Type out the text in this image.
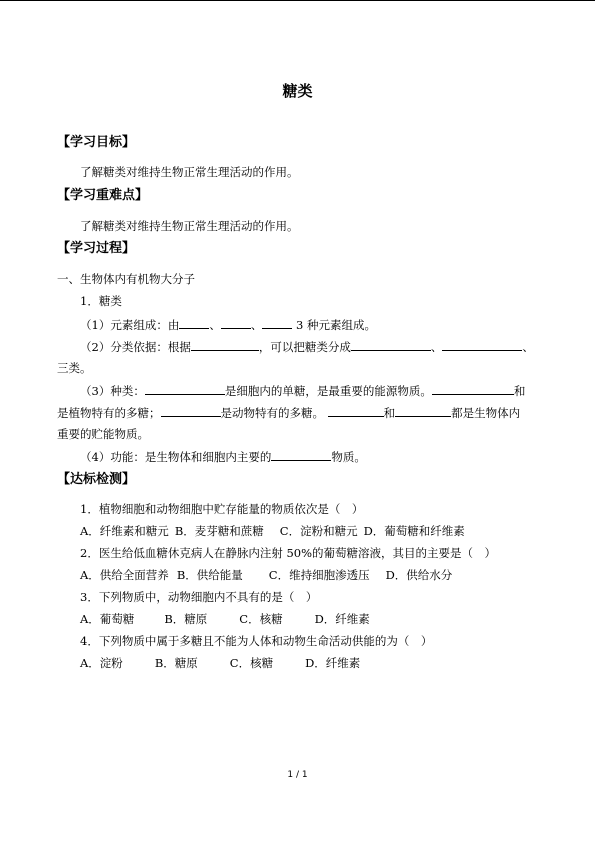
糖类
【学习目标】
了解糖类对维持生物正常生理活动的作用。
【学习重难点】
了解糖类对维持生物正常生理活动的作用。
【学习过程】
一、生物体内有机物大分子
1．糖类
（1）元素组成：由	、	、	3 种元素组成。
（2）分类依据：根据	，可以把糖类分成	、	、
三类。
（3）种类：	是细胞内的单糖，是最重要的能源物质。	和
是植物特有的多糖；	是动物特有的多糖。	和	都是生物体内
重要的贮能物质。
（4）功能：是生物体和细胞内主要的	物质。
【达标检测】
1．植物细胞和动物细胞中贮存能量的物质依次是（　）
A．纤维素和糖元 B．麦芽糖和蔗糖 C．淀粉和糖元 D．葡萄糖和纤维素
2．医生给低血糖休克病人在静脉内注射 50%的葡萄糖溶液，其目的主要是（　）
A．供给全面营养 B．供给能量 C．维持细胞渗透压 D．供给水分
3．下列物质中，动物细胞内不具有的是（　）
A．葡萄糖	B．糖原	C．核糖	D．纤维素
4．下列物质中属于多糖且不能为人体和动物生命活动供能的为（　）
A．淀粉	B．糖原	C．核糖	D．纤维素
1 / 1
